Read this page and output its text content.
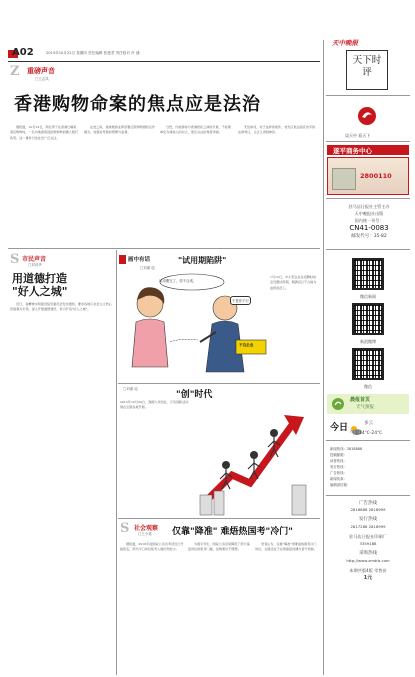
A02	2015年10月22日 星期四 责任编辑 张惠君 责任校对 肖 涵
Z 重磅声音
□王志凤
香港购物命案的焦点应是法治
据报道，10月19日，两名男子在香港红磡某商店购物时，一名内地游客因拒绝购物而遭人殴打致死。这一事件引发社会广泛关注。
在此之际，香港旅游业界需要反思购物团的运作模式，加强对导游的管理与监督。
当然，内地游客与香港居民之间的矛盾，不能简单化为两地人的对立，更应从法治角度审视。
无论如何，对于这样的案件，首先应依法追究凶手的法律责任，让正义得到伸张。
S 市民声音
□刘向华
用道德打造
"好人之城"
近日，省精神文明建设指导委员会发布通知，要求各地以社会主义核心价值观为引领，深入开展道德建设，努力打造"好人之城"。
画中有话
□刘谢 绘
"试用期陷阱"
试用期完了，你不合适，
不是你不行
不良企业
1月10日，中小型企业在招聘时故意设置试用期，期满后以不合格为由辞退员工。
□刘谢 绘
"创"时代
2015年10月20日，我国大众创业、万众创新活动周在全国各地开展。
S 社会观察
□王小梁 仅靠"降准" 难焐热国考"冷门"
据报道，2016年度国家公务员考试近日开始报名，部分冷门岗位报考人数仍然较少。
为吸引考生，国家公务员局降低了部分基层岗位的报考门槛，但效果仍不理想。
笔者认为，仅靠"降准"很难焐热国考冷门岗位，关键还在于完善基层待遇与晋升机制。
天中晚报
天下时评
谈天中 看天下
遂平商务中心
2800110
驻马店日报社主管主办
天中晚报社出版
国内统一刊号：
CN41-0083
邮发代号：35-82
微信新闻
新浪微博
微信
晨报首页
天气预报
今日	多云
气温14℃-24℃
新闻热线：2818888
投稿邮箱：
读者热线：
发行热线：
广告热线：
新闻传真：
编辑部信箱：
广告热线
2818888 2818999
发行热线
2817288 2818999
驻马店日报社印刷厂
3359188
采购热线
http://www.zmdrb.com
本期共版4版 零售价
1元
